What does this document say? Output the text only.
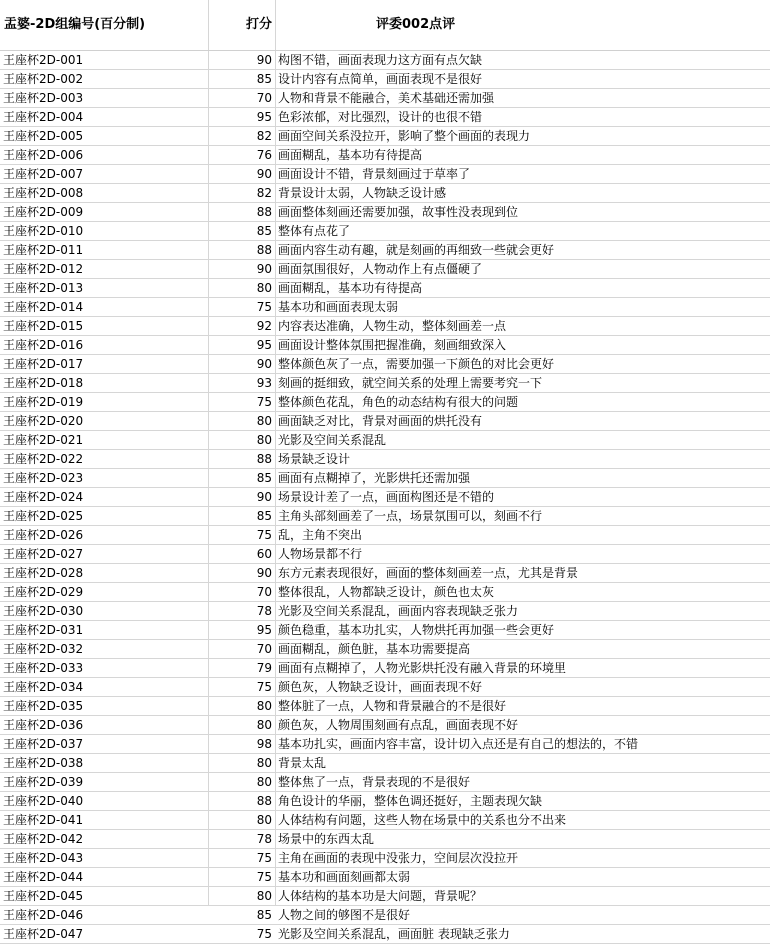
盂婆-2D组编号(百分制)	打分	评委002点评
王座杯2D-001	90 构图不错，画面表现力这方面有点欠缺
王座杯2D-002	85 设计内容有点简单，画面表现不是很好
王座杯2D-003	70 人物和背景不能融合，美术基础还需加强
王座杯2D-004	95 色彩浓郁，对比强烈，设计的也很不错
王座杯2D-005	82 画面空间关系没拉开，影响了整个画面的表现力
王座杯2D-006	76 画面糊乱，基本功有待提高
王座杯2D-007	90 画面设计不错，背景刻画过于草率了
王座杯2D-008	82 背景设计太弱，人物缺乏设计感
王座杯2D-009	88 画面整体刻画还需要加强，故事性没表现到位
王座杯2D-010	85 整体有点花了
王座杯2D-011	88 画面内容生动有趣，就是刻画的再细致一些就会更好
王座杯2D-012	90 画面氛围很好，人物动作上有点僵硬了
王座杯2D-013	80 画面糊乱，基本功有待提高
王座杯2D-014	75 基本功和画面表现太弱
王座杯2D-015	92 内容表达准确，人物生动，整体刻画差一点
王座杯2D-016	95 画面设计整体氛围把握准确，刻画细致深入
王座杯2D-017	90 整体颜色灰了一点，需要加强一下颜色的对比会更好
王座杯2D-018	93 刻画的挺细致，就空间关系的处理上需要考究一下
王座杯2D-019	75 整体颜色花乱，角色的动态结构有很大的问题
王座杯2D-020	80 画面缺乏对比，背景对画面的烘托没有
王座杯2D-021	80 光影及空间关系混乱
王座杯2D-022	88 场景缺乏设计
王座杯2D-023	85 画面有点糊掉了，光影烘托还需加强
王座杯2D-024	90 场景设计差了一点，画面构图还是不错的
王座杯2D-025	85 主角头部刻画差了一点，场景氛围可以，刻画不行
王座杯2D-026	75 乱，主角不突出
王座杯2D-027	60 人物场景都不行
王座杯2D-028	90 东方元素表现很好，画面的整体刻画差一点，尤其是背景
王座杯2D-029	70 整体很乱，人物都缺乏设计，颜色也太灰
王座杯2D-030	78 光影及空间关系混乱，画面内容表现缺乏张力
王座杯2D-031	95 颜色稳重，基本功扎实，人物烘托再加强一些会更好
王座杯2D-032	70 画面糊乱，颜色脏，基本功需要提高
王座杯2D-033	79 画面有点糊掉了，人物光影烘托没有融入背景的环境里
王座杯2D-034	75 颜色灰，人物缺乏设计，画面表现不好
王座杯2D-035	80 整体脏了一点，人物和背景融合的不是很好
王座杯2D-036	80 颜色灰，人物周围刻画有点乱，画面表现不好
王座杯2D-037	98 基本功扎实，画面内容丰富，设计切入点还是有自己的想法的，不错
王座杯2D-038	80 背景太乱
王座杯2D-039	80 整体焦了一点，背景表现的不是很好
王座杯2D-040	88 角色设计的华丽，整体色调还挺好，主题表现欠缺
王座杯2D-041	80 人体结构有问题，这些人物在场景中的关系也分不出来
王座杯2D-042	78 场景中的东西太乱
王座杯2D-043	75 主角在画面的表现中没张力，空间层次没拉开
王座杯2D-044	75 基本功和画面刻画都太弱
王座杯2D-045	80 人体结构的基本功是大问题，背景呢？
王座杯2D-046	85 人物之间的够图不是很好
王座杯2D-047	75 光影及空间关系混乱，画面脏 表现缺乏张力
